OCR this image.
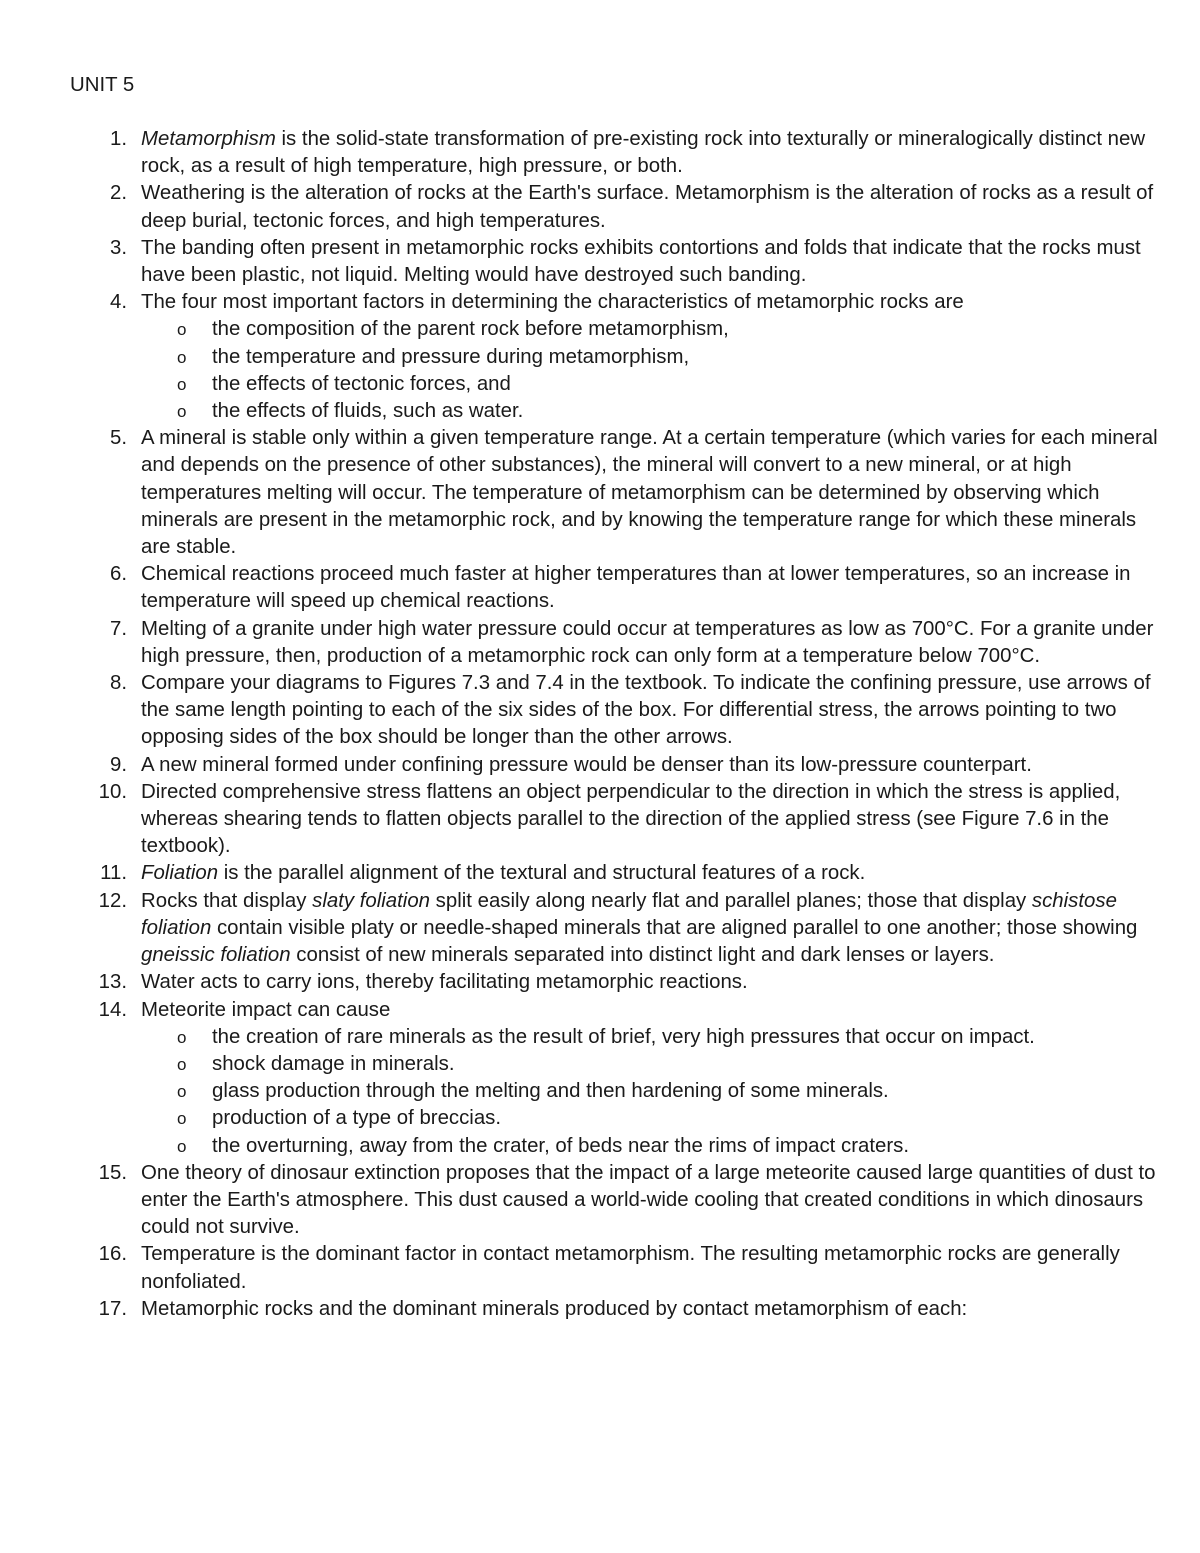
UNIT 5
1. Metamorphism is the solid-state transformation of pre-existing rock into texturally or mineralogically distinct new rock, as a result of high temperature, high pressure, or both.
2. Weathering is the alteration of rocks at the Earth's surface. Metamorphism is the alteration of rocks as a result of deep burial, tectonic forces, and high temperatures.
3. The banding often present in metamorphic rocks exhibits contortions and folds that indicate that the rocks must have been plastic, not liquid. Melting would have destroyed such banding.
4. The four most important factors in determining the characteristics of metamorphic rocks are
o the composition of the parent rock before metamorphism,
o the temperature and pressure during metamorphism,
o the effects of tectonic forces, and
o the effects of fluids, such as water.
5. A mineral is stable only within a given temperature range. At a certain temperature (which varies for each mineral and depends on the presence of other substances), the mineral will convert to a new mineral, or at high temperatures melting will occur. The temperature of metamorphism can be determined by observing which minerals are present in the metamorphic rock, and by knowing the temperature range for which these minerals are stable.
6. Chemical reactions proceed much faster at higher temperatures than at lower temperatures, so an increase in temperature will speed up chemical reactions.
7. Melting of a granite under high water pressure could occur at temperatures as low as 700°C. For a granite under high pressure, then, production of a metamorphic rock can only form at a temperature below 700°C.
8. Compare your diagrams to Figures 7.3 and 7.4 in the textbook. To indicate the confining pressure, use arrows of the same length pointing to each of the six sides of the box. For differential stress, the arrows pointing to two opposing sides of the box should be longer than the other arrows.
9. A new mineral formed under confining pressure would be denser than its low-pressure counterpart.
10. Directed comprehensive stress flattens an object perpendicular to the direction in which the stress is applied, whereas shearing tends to flatten objects parallel to the direction of the applied stress (see Figure 7.6 in the textbook).
11. Foliation is the parallel alignment of the textural and structural features of a rock.
12. Rocks that display slaty foliation split easily along nearly flat and parallel planes; those that display schistose foliation contain visible platy or needle-shaped minerals that are aligned parallel to one another; those showing gneissic foliation consist of new minerals separated into distinct light and dark lenses or layers.
13. Water acts to carry ions, thereby facilitating metamorphic reactions.
14. Meteorite impact can cause
o the creation of rare minerals as the result of brief, very high pressures that occur on impact.
o shock damage in minerals.
o glass production through the melting and then hardening of some minerals.
o production of a type of breccias.
o the overturning, away from the crater, of beds near the rims of impact craters.
15. One theory of dinosaur extinction proposes that the impact of a large meteorite caused large quantities of dust to enter the Earth's atmosphere. This dust caused a world-wide cooling that created conditions in which dinosaurs could not survive.
16. Temperature is the dominant factor in contact metamorphism. The resulting metamorphic rocks are generally nonfoliated.
17. Metamorphic rocks and the dominant minerals produced by contact metamorphism of each:
